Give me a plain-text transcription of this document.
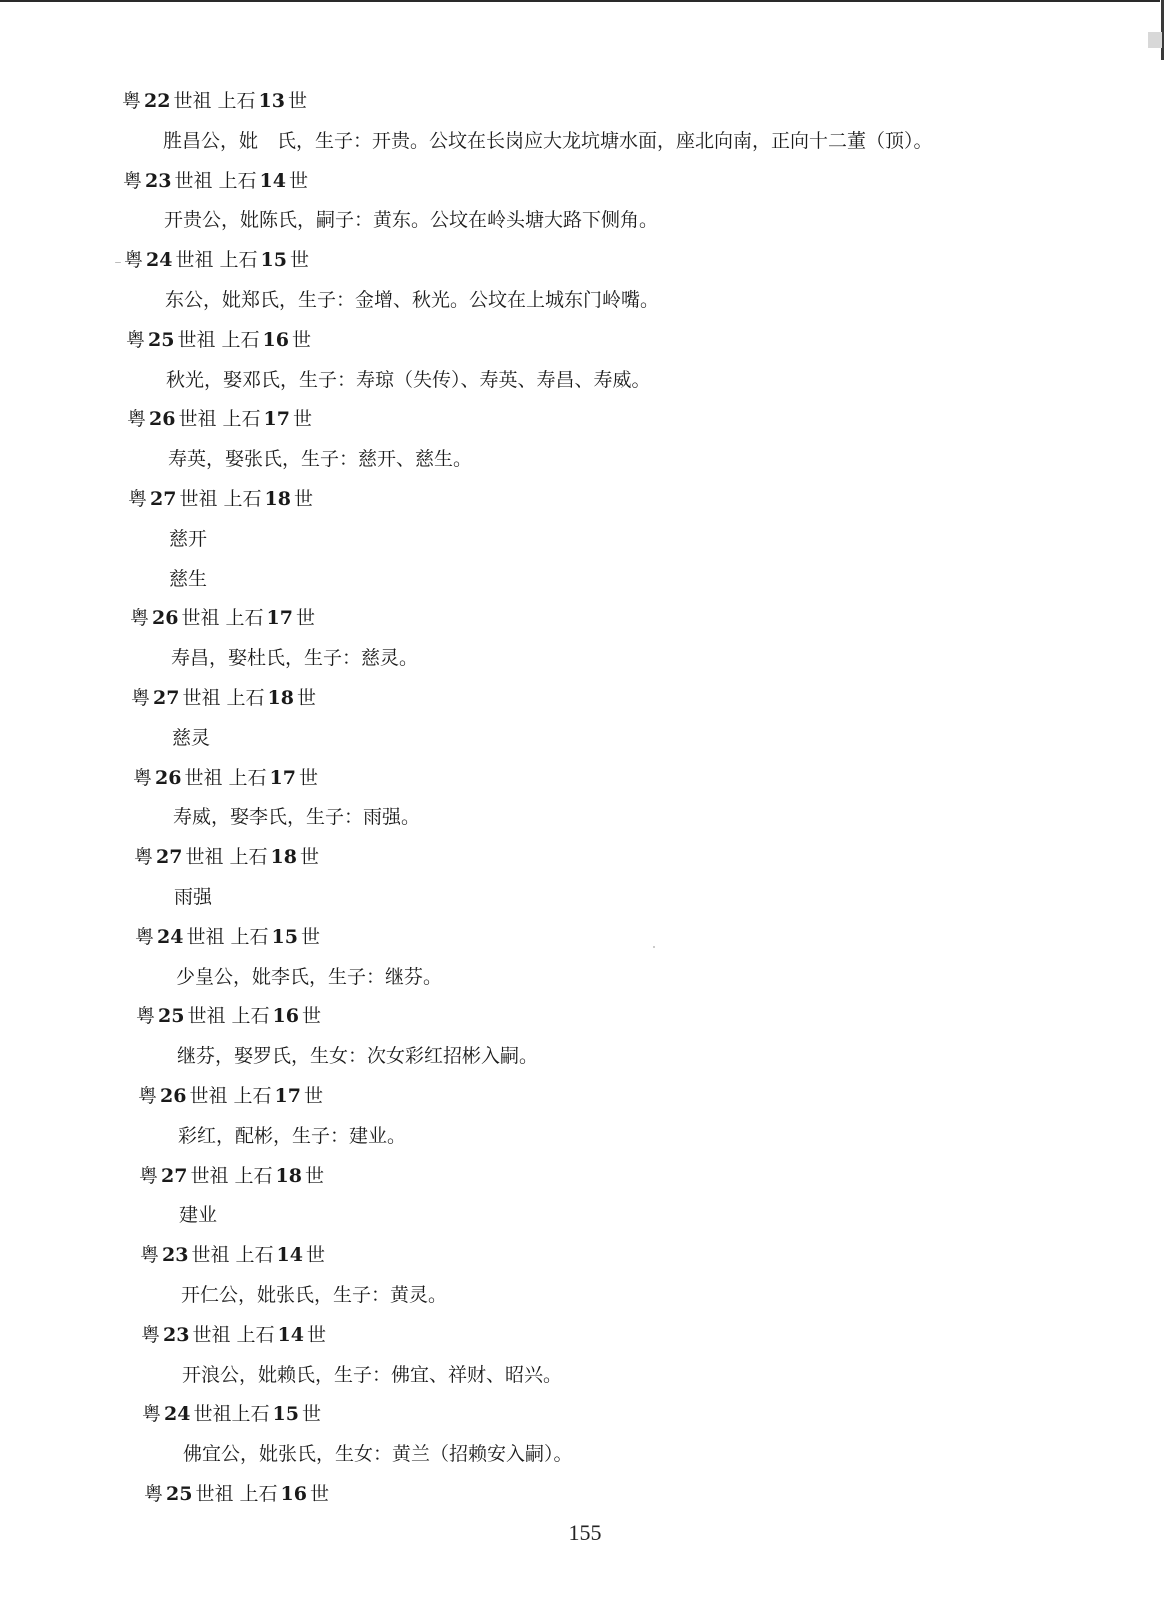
粤 22 世祖 上石 13 世
胜昌公，妣　氏，生子：开贵。公坟在长岗应大龙坑塘水面，座北向南，正向十二董（顶）。
粤 23 世祖 上石 14 世
开贵公，妣陈氏，嗣子：黄东。公坟在岭头塘大路下侧角。
粤 24 世祖 上石 15 世
东公，妣郑氏，生子：金增、秋光。公坟在上城东门岭嘴。
粤 25 世祖 上石 16 世
秋光，娶邓氏，生子：寿琼（失传）、寿英、寿昌、寿威。
粤 26 世祖 上石 17 世
寿英，娶张氏，生子：慈开、慈生。
粤 27 世祖 上石 18 世
慈开
慈生
粤 26 世祖 上石 17 世
寿昌，娶杜氏，生子：慈灵。
粤 27 世祖 上石 18 世
慈灵
粤 26 世祖 上石 17 世
寿威，娶李氏，生子：雨强。
粤 27 世祖 上石 18 世
雨强
粤 24 世祖 上石 15 世
少皇公，妣李氏，生子：继芬。
粤 25 世祖 上石 16 世
继芬，娶罗氏，生女：次女彩红招彬入嗣。
粤 26 世祖 上石 17 世
彩红，配彬，生子：建业。
粤 27 世祖 上石 18 世
建业
粤 23 世祖 上石 14 世
开仁公，妣张氏，生子：黄灵。
粤 23 世祖 上石 14 世
开浪公，妣赖氏，生子：佛宜、祥财、昭兴。
粤 24 世祖上石 15 世
佛宜公，妣张氏，生女：黄兰（招赖安入嗣）。
粤 25 世祖 上石 16 世
155
